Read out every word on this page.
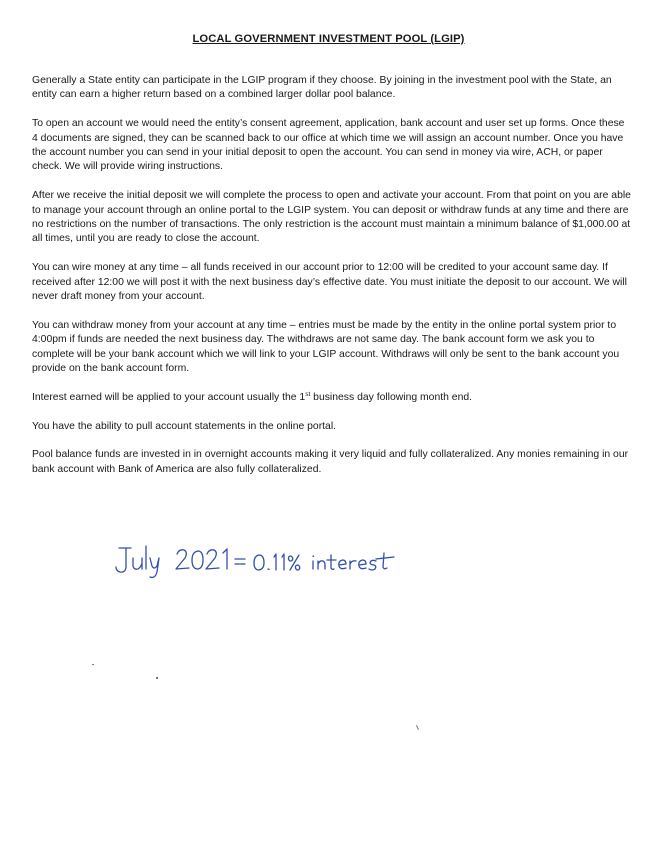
LOCAL GOVERNMENT INVESTMENT POOL (LGIP)

Generally a State entity can participate in the LGIP program if they choose. By joining in the investment pool with the State, an entity can earn a higher return based on a combined larger dollar pool balance.

To open an account we would need the entity’s consent agreement, application, bank account and user set up forms. Once these 4 documents are signed, they can be scanned back to our office at which time we will assign an account number. Once you have the account number you can send in your initial deposit to open the account. You can send in money via wire, ACH, or paper check. We will provide wiring instructions.

After we receive the initial deposit we will complete the process to open and activate your account. From that point on you are able to manage your account through an online portal to the LGIP system. You can deposit or withdraw funds at any time and there are no restrictions on the number of transactions. The only restriction is the account must maintain a minimum balance of $1,000.00 at all times, until you are ready to close the account.

You can wire money at any time – all funds received in our account prior to 12:00 will be credited to your account same day. If received after 12:00 we will post it with the next business day’s effective date. You must initiate the deposit to our account. We will never draft money from your account.

You can withdraw money from your account at any time – entries must be made by the entity in the online portal system prior to 4:00pm if funds are needed the next business day. The withdraws are not same day. The bank account form we ask you to complete will be your bank account which we will link to your LGIP account. Withdraws will only be sent to the bank account you provide on the bank account form.

Interest earned will be applied to your account usually the 1st business day following month end.

You have the ability to pull account statements in the online portal.

Pool balance funds are invested in in overnight accounts making it very liquid and fully collateralized. Any monies remaining in our bank account with Bank of America are also fully collateralized.
